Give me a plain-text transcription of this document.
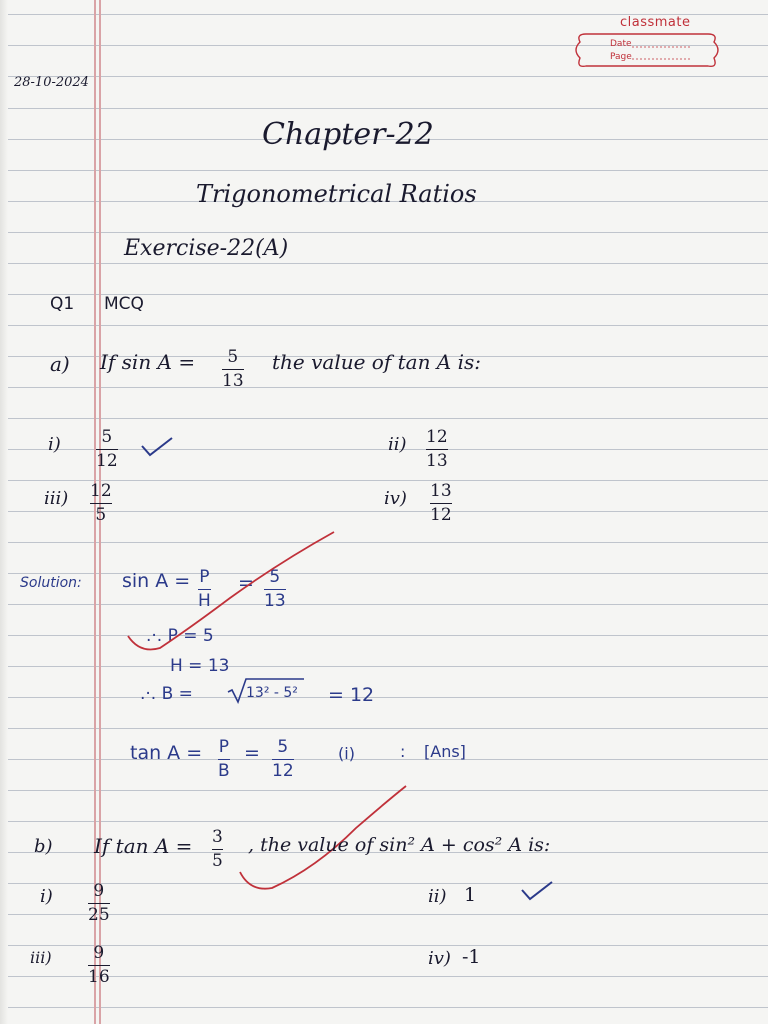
classmate
Date
Page
28-10-2024
Chapter-22
Trigonometrical Ratios
Exercise-22(A)
Q1 MCQ
a) If sin A = 5
13
the value of tan A is:
i) 5
12
ii) 12
13
iii) 12
5
iv) 13
12
Solution: sin A = P
H
= 5
13
.·. P = 5
H = 13
.·. B =	13² - 5² = 12
tan A = P
B
= 5
12
(i)	: [Ans]
b) If tan A = 3
5
, the value of sin² A + cos² A is:
i) 9
25
ii) 1
iii) 9
16
iv) -1
